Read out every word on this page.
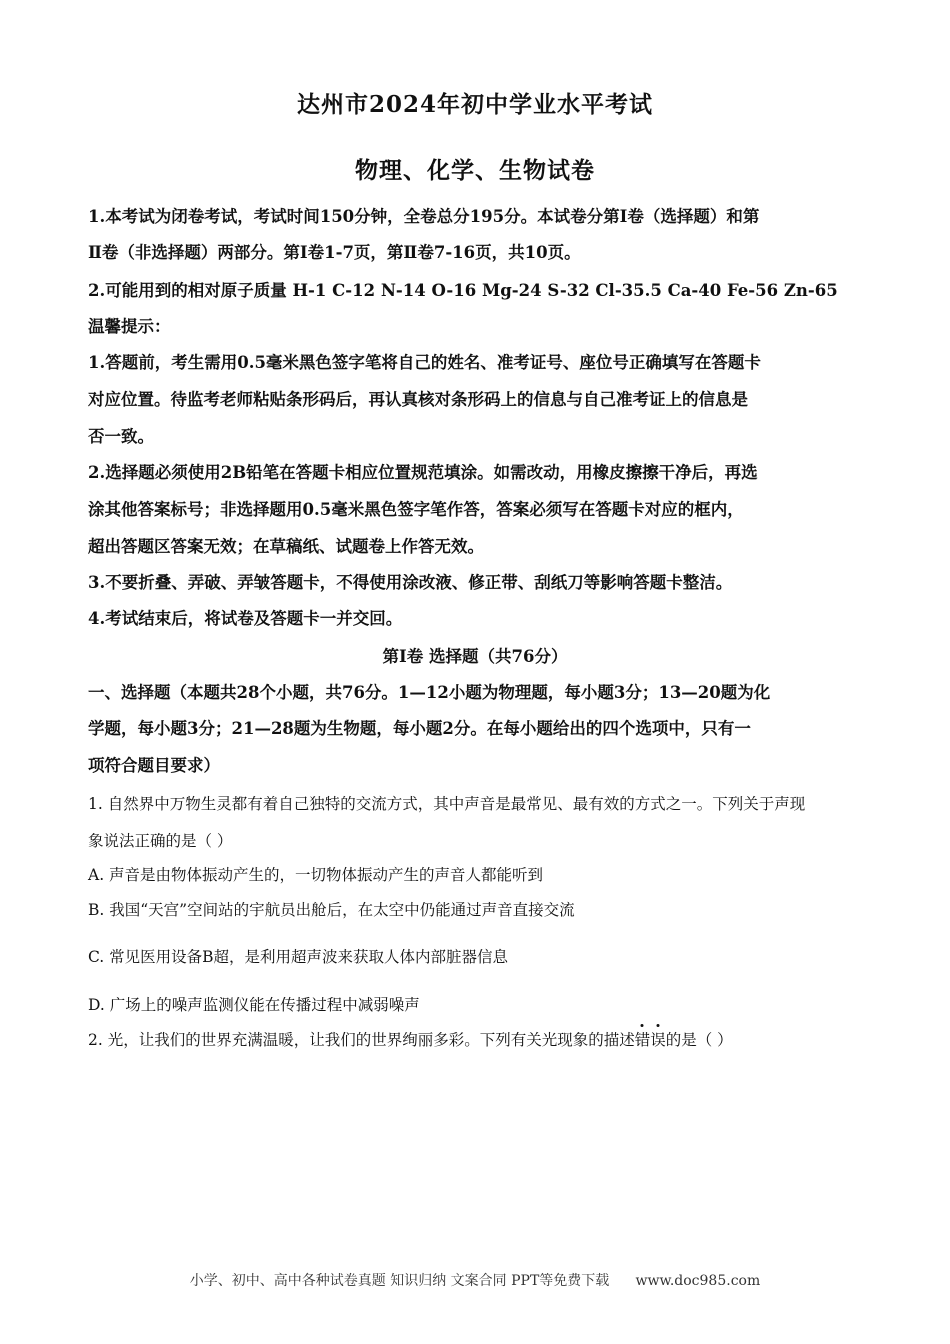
达州市2024年初中学业水平考试
物理、化学、生物试卷
1.本考试为闭卷考试，考试时间150分钟，全卷总分195分。本试卷分第Ⅰ卷（选择题）和第
Ⅱ卷（非选择题）两部分。第Ⅰ卷1-7页，第Ⅱ卷7-16页，共10页。
2.可能用到的相对原子质量 H-1 C-12 N-14 O-16 Mg-24 S-32 Cl-35.5 Ca-40 Fe-56 Zn-65
温馨提示：
1.答题前，考生需用0.5毫米黑色签字笔将自己的姓名、准考证号、座位号正确填写在答题卡
对应位置。待监考老师粘贴条形码后，再认真核对条形码上的信息与自己准考证上的信息是
否一致。
2.选择题必须使用2B铅笔在答题卡相应位置规范填涂。如需改动，用橡皮擦擦干净后，再选
涂其他答案标号；非选择题用0.5毫米黑色签字笔作答，答案必须写在答题卡对应的框内，
超出答题区答案无效；在草稿纸、试题卷上作答无效。
3.不要折叠、弄破、弄皱答题卡，不得使用涂改液、修正带、刮纸刀等影响答题卡整洁。
4.考试结束后，将试卷及答题卡一并交回。
第Ⅰ卷 选择题（共76分）
一、选择题（本题共28个小题，共76分。1—12小题为物理题，每小题3分；13—20题为化
学题，每小题3分；21—28题为生物题，每小题2分。在每小题给出的四个选项中，只有一
项符合题目要求）
1. 自然界中万物生灵都有着自己独特的交流方式，其中声音是最常见、最有效的方式之一。下列关于声现
象说法正确的是（ ）
A. 声音是由物体振动产生的，一切物体振动产生的声音人都能听到
B. 我国“天宫”空间站的宇航员出舱后，在太空中仍能通过声音直接交流
C. 常见医用设备B超，是利用超声波来获取人体内部脏器信息
D. 广场上的噪声监测仪能在传播过程中减弱噪声
2. 光，让我们的世界充满温暖，让我们的世界绚丽多彩。下列有关光现象的描述错误的是（ ）
小学、初中、高中各种试卷真题 知识归纳 文案合同 PPT等免费下载 www.doc985.com
